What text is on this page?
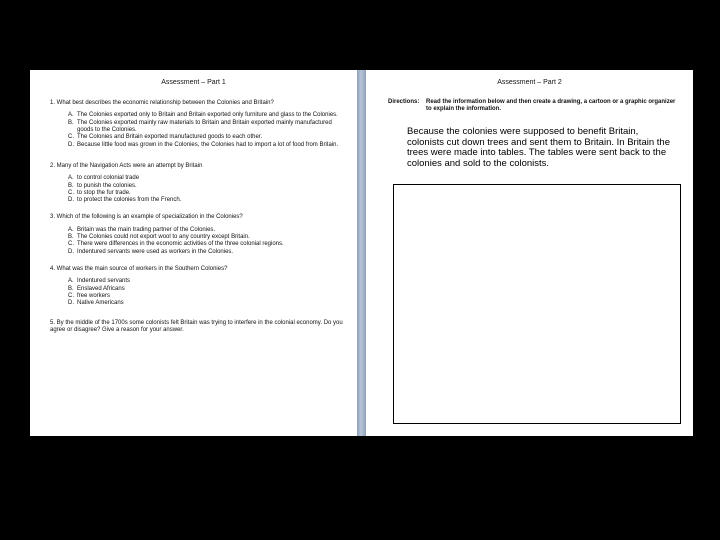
Assessment – Part 1
1. What best describes the economic relationship between the Colonies and Britain?
A. The Colonies exported only to Britain and Britain exported only furniture and glass to the Colonies.
B. The Colonies exported mainly raw materials to Britain and Britain exported mainly manufactured goods to the Colonies.
C. The Colonies and Britain exported manufactured goods to each other.
D. Because little food was grown in the Colonies, the Colonies had to import a lot of food from Britain.
2. Many of the Navigation Acts were an attempt by Britain
A. to control colonial trade
B. to punish the colonies.
C. to stop the fur trade.
D. to protect the colonies from the French.
3. Which of the following is an example of specialization in the Colonies?
A. Britain was the main trading partner of the Colonies.
B. The Colonies could not export wool to any country except Britain.
C. There were differences in the economic activities of the three colonial regions.
D. Indentured servants were used as workers in the Colonies.
4. What was the main source of workers in the Southern Colonies?
A. Indentured servants
B. Enslaved Africans
C. free workers
D. Native Americans
5. By the middle of the 1700s some colonists felt Britain was trying to interfere in the colonial economy. Do you agree or disagree? Give a reason for your answer.
Assessment – Part 2
Directions:	Read the information below and then create a drawing, a cartoon or a graphic organizer to explain the information.
Because the colonies were supposed to benefit Britain, colonists cut down trees and sent them to Britain. In Britain the trees were made into tables. The tables were sent back to the colonies and sold to the colonists.
